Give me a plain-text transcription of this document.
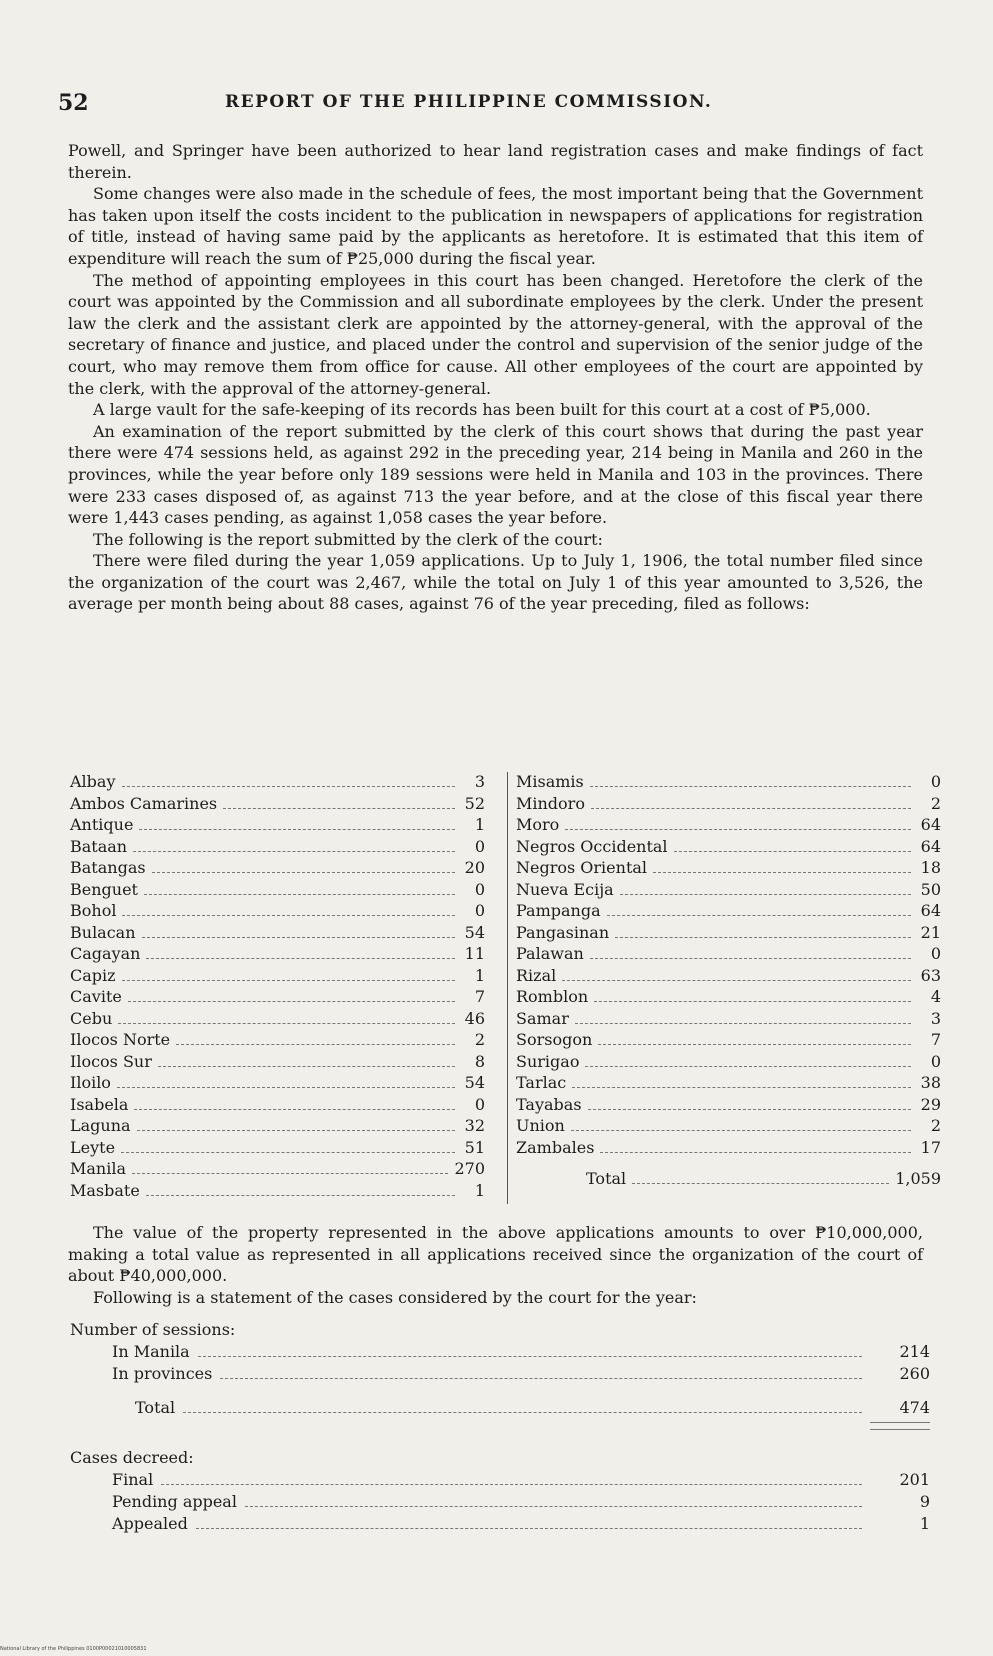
52	REPORT OF THE PHILIPPINE COMMISSION.

Powell, and Springer have been authorized to hear land registration cases and make findings of fact therein.

Some changes were also made in the schedule of fees, the most important being that the Government has taken upon itself the costs incident to the publication in newspapers of applications for registration of title, instead of having same paid by the applicants as heretofore. It is estimated that this item of expenditure will reach the sum of ₱25,000 during the fiscal year.

The method of appointing employees in this court has been changed. Heretofore the clerk of the court was appointed by the Commission and all subordinate employees by the clerk. Under the present law the clerk and the assistant clerk are appointed by the attorney-general, with the approval of the secretary of finance and justice, and placed under the control and supervision of the senior judge of the court, who may remove them from office for cause. All other employees of the court are appointed by the clerk, with the approval of the attorney-general.

A large vault for the safe-keeping of its records has been built for this court at a cost of ₱5,000.

An examination of the report submitted by the clerk of this court shows that during the past year there were 474 sessions held, as against 292 in the preceding year, 214 being in Manila and 260 in the provinces, while the year before only 189 sessions were held in Manila and 103 in the provinces. There were 233 cases disposed of, as against 713 the year before, and at the close of this fiscal year there were 1,443 cases pending, as against 1,058 cases the year before.

The following is the report submitted by the clerk of the court:

There were filed during the year 1,059 applications. Up to July 1, 1906, the total number filed since the organization of the court was 2,467, while the total on July 1 of this year amounted to 3,526, the average per month being about 88 cases, against 76 of the year preceding, filed as follows:

Albay	3
Ambos Camarines	52
Antique	1
Bataan	0
Batangas	20
Benguet	0
Bohol	0
Bulacan	54
Cagayan	11
Capiz	1
Cavite	7
Cebu	46
Ilocos Norte	2
Ilocos Sur	8
Iloilo	54
Isabela	0
Laguna	32
Leyte	51
Manila	270
Masbate	1
Misamis	0
Mindoro	2
Moro	64
Negros Occidental	64
Negros Oriental	18
Nueva Ecija	50
Pampanga	64
Pangasinan	21
Palawan	0
Rizal	63
Romblon	4
Samar	3
Sorsogon	7
Surigao	0
Tarlac	38
Tayabas	29
Union	2
Zambales	17
Total	1,059

The value of the property represented in the above applications amounts to over ₱10,000,000, making a total value as represented in all applications received since the organization of the court of about ₱40,000,000.

Following is a statement of the cases considered by the court for the year:

Number of sessions:
In Manila	214
In provinces	260
Total	474
Cases decreed:
Final	201
Pending appeal	9
Appealed	1
National Library of the Philippines 0100P00021010005831
